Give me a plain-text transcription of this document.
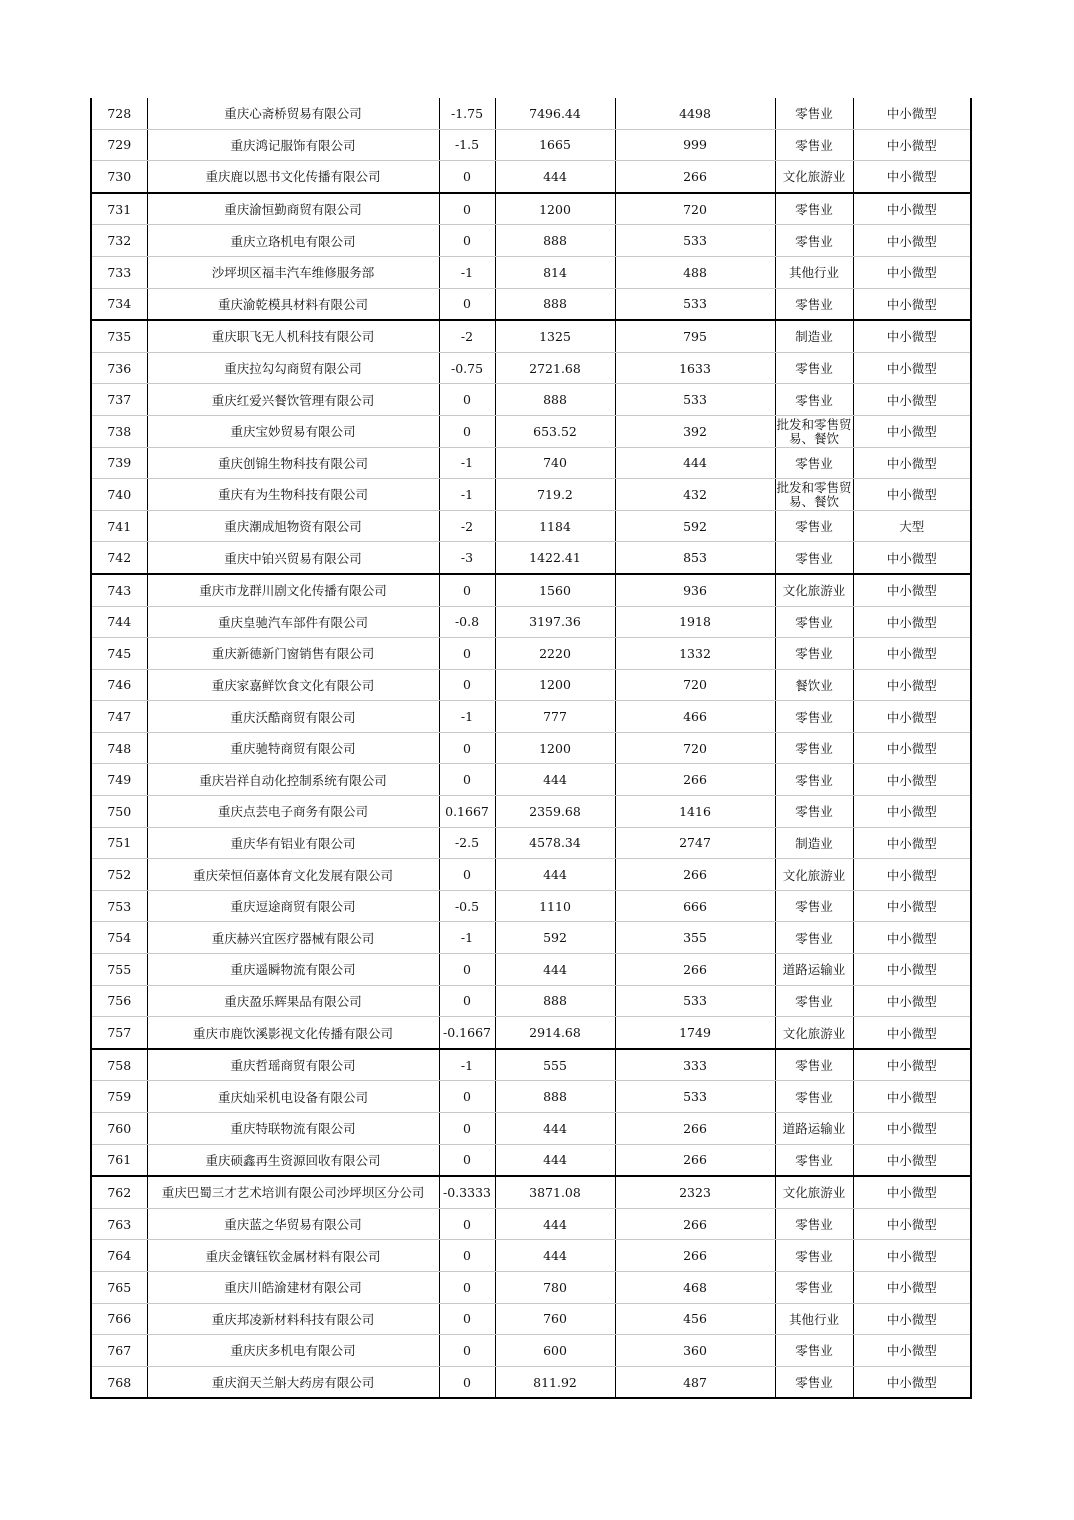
728	重庆心斋桥贸易有限公司	-1.75	7496.44	4498	零售业	中小微型
729	重庆鸿记服饰有限公司	-1.5	1665	999	零售业	中小微型
730	重庆鹿以恩书文化传播有限公司	0	444	266	文化旅游业	中小微型
731	重庆渝恒勤商贸有限公司	0	1200	720	零售业	中小微型
732	重庆立珞机电有限公司	0	888	533	零售业	中小微型
733	沙坪坝区福丰汽车维修服务部	-1	814	488	其他行业	中小微型
734	重庆渝乾模具材料有限公司	0	888	533	零售业	中小微型
735	重庆职飞无人机科技有限公司	-2	1325	795	制造业	中小微型
736	重庆拉勾勾商贸有限公司	-0.75	2721.68	1633	零售业	中小微型
737	重庆红爱兴餐饮管理有限公司	0	888	533	零售业	中小微型
738	重庆宝妙贸易有限公司	0	653.52	392	批发和零售贸易、餐饮	中小微型
739	重庆创锦生物科技有限公司	-1	740	444	零售业	中小微型
740	重庆有为生物科技有限公司	-1	719.2	432	批发和零售贸易、餐饮	中小微型
741	重庆潮成旭物资有限公司	-2	1184	592	零售业	大型
742	重庆中铂兴贸易有限公司	-3	1422.41	853	零售业	中小微型
743	重庆市龙群川剧文化传播有限公司	0	1560	936	文化旅游业	中小微型
744	重庆皇驰汽车部件有限公司	-0.8	3197.36	1918	零售业	中小微型
745	重庆新德新门窗销售有限公司	0	2220	1332	零售业	中小微型
746	重庆家嘉鲜饮食文化有限公司	0	1200	720	餐饮业	中小微型
747	重庆沃酷商贸有限公司	-1	777	466	零售业	中小微型
748	重庆驰特商贸有限公司	0	1200	720	零售业	中小微型
749	重庆岩祥自动化控制系统有限公司	0	444	266	零售业	中小微型
750	重庆点芸电子商务有限公司	0.1667	2359.68	1416	零售业	中小微型
751	重庆华有铝业有限公司	-2.5	4578.34	2747	制造业	中小微型
752	重庆荣恒佰嘉体育文化发展有限公司	0	444	266	文化旅游业	中小微型
753	重庆逗途商贸有限公司	-0.5	1110	666	零售业	中小微型
754	重庆赫兴宜医疗器械有限公司	-1	592	355	零售业	中小微型
755	重庆遥瞬物流有限公司	0	444	266	道路运输业	中小微型
756	重庆盈乐辉果品有限公司	0	888	533	零售业	中小微型
757	重庆市鹿饮溪影视文化传播有限公司	-0.1667	2914.68	1749	文化旅游业	中小微型
758	重庆哲瑶商贸有限公司	-1	555	333	零售业	中小微型
759	重庆灿采机电设备有限公司	0	888	533	零售业	中小微型
760	重庆特联物流有限公司	0	444	266	道路运输业	中小微型
761	重庆硕鑫再生资源回收有限公司	0	444	266	零售业	中小微型
762	重庆巴蜀三才艺术培训有限公司沙坪坝区分公司	-0.3333	3871.08	2323	文化旅游业	中小微型
763	重庆蓝之华贸易有限公司	0	444	266	零售业	中小微型
764	重庆金镶钰钦金属材料有限公司	0	444	266	零售业	中小微型
765	重庆川皓渝建材有限公司	0	780	468	零售业	中小微型
766	重庆邦凌新材料科技有限公司	0	760	456	其他行业	中小微型
767	重庆庆多机电有限公司	0	600	360	零售业	中小微型
768	重庆润天兰斛大药房有限公司	0	811.92	487	零售业	中小微型
